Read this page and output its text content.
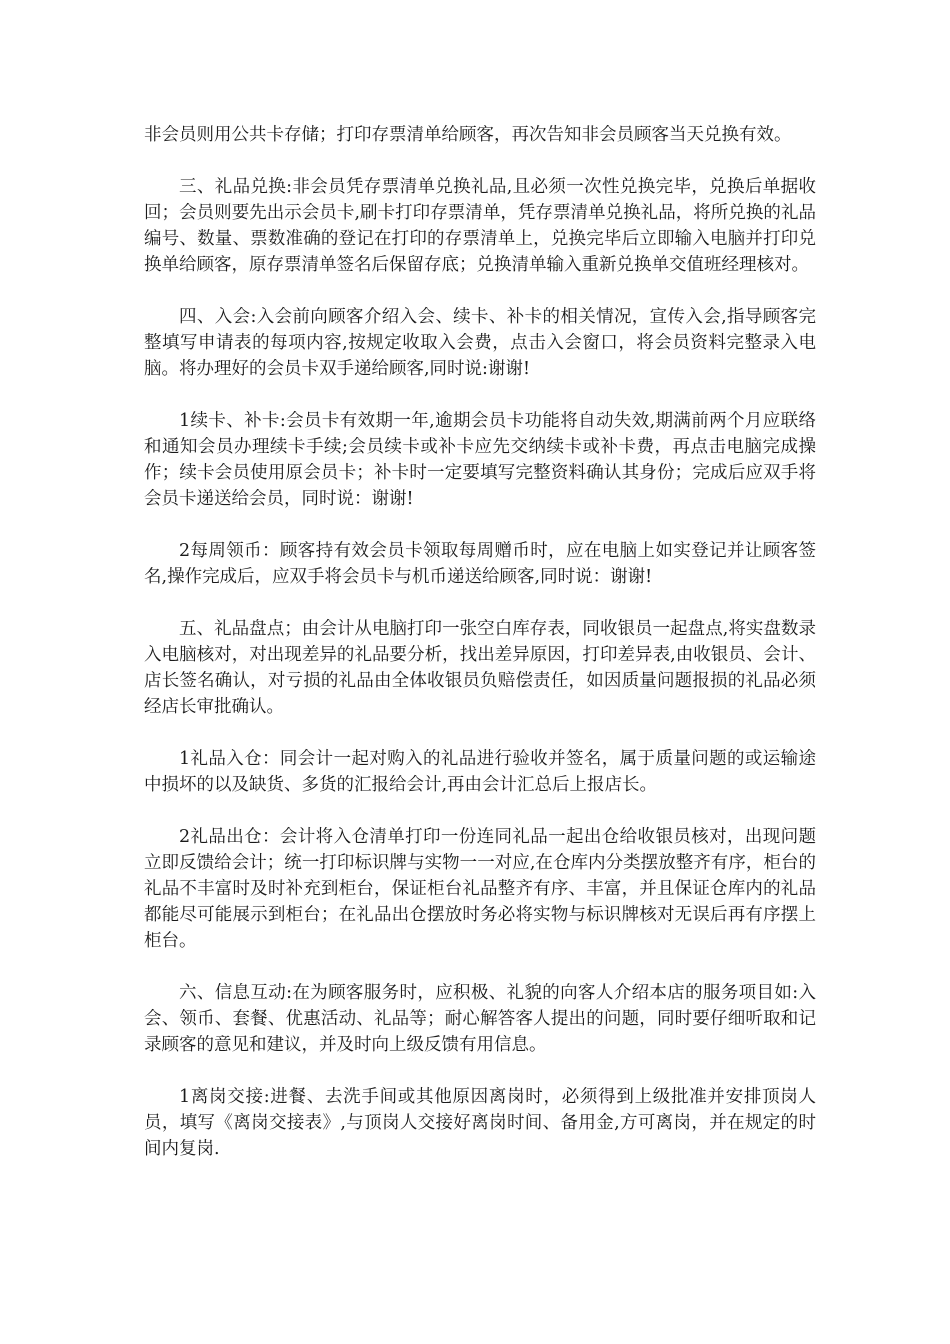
非会员则用公共卡存储；打印存票清单给顾客，再次告知非会员顾客当天兑换有效。

三、礼品兑换:非会员凭存票清单兑换礼品,且必须一次性兑换完毕，兑换后单据收回；会员则要先出示会员卡,刷卡打印存票清单，凭存票清单兑换礼品，将所兑换的礼品编号、数量、票数准确的登记在打印的存票清单上，兑换完毕后立即输入电脑并打印兑换单给顾客，原存票清单签名后保留存底；兑换清单输入重新兑换单交值班经理核对。

四、入会:入会前向顾客介绍入会、续卡、补卡的相关情况，宣传入会,指导顾客完整填写申请表的每项内容,按规定收取入会费，点击入会窗口，将会员资料完整录入电脑。将办理好的会员卡双手递给顾客,同时说:谢谢!

1续卡、补卡:会员卡有效期一年,逾期会员卡功能将自动失效,期满前两个月应联络和通知会员办理续卡手续;会员续卡或补卡应先交纳续卡或补卡费，再点击电脑完成操作；续卡会员使用原会员卡；补卡时一定要填写完整资料确认其身份；完成后应双手将会员卡递送给会员，同时说：谢谢!

2每周领币：顾客持有效会员卡领取每周赠币时，应在电脑上如实登记并让顾客签名,操作完成后，应双手将会员卡与机币递送给顾客,同时说：谢谢!

五、礼品盘点；由会计从电脑打印一张空白库存表，同收银员一起盘点,将实盘数录入电脑核对，对出现差异的礼品要分析，找出差异原因，打印差异表,由收银员、会计、店长签名确认，对亏损的礼品由全体收银员负赔偿责任，如因质量问题报损的礼品必须经店长审批确认。

1礼品入仓：同会计一起对购入的礼品进行验收并签名，属于质量问题的或运输途中损坏的以及缺货、多货的汇报给会计,再由会计汇总后上报店长。

2礼品出仓：会计将入仓清单打印一份连同礼品一起出仓给收银员核对，出现问题立即反馈给会计；统一打印标识牌与实物一一对应,在仓库内分类摆放整齐有序，柜台的礼品不丰富时及时补充到柜台，保证柜台礼品整齐有序、丰富，并且保证仓库内的礼品都能尽可能展示到柜台；在礼品出仓摆放时务必将实物与标识牌核对无误后再有序摆上柜台。

六、信息互动:在为顾客服务时，应积极、礼貌的向客人介绍本店的服务项目如:入会、领币、套餐、优惠活动、礼品等；耐心解答客人提出的问题，同时要仔细听取和记录顾客的意见和建议，并及时向上级反馈有用信息。

1离岗交接:进餐、去洗手间或其他原因离岗时，必须得到上级批准并安排顶岗人员，填写《离岗交接表》,与顶岗人交接好离岗时间、备用金,方可离岗，并在规定的时间内复岗.
